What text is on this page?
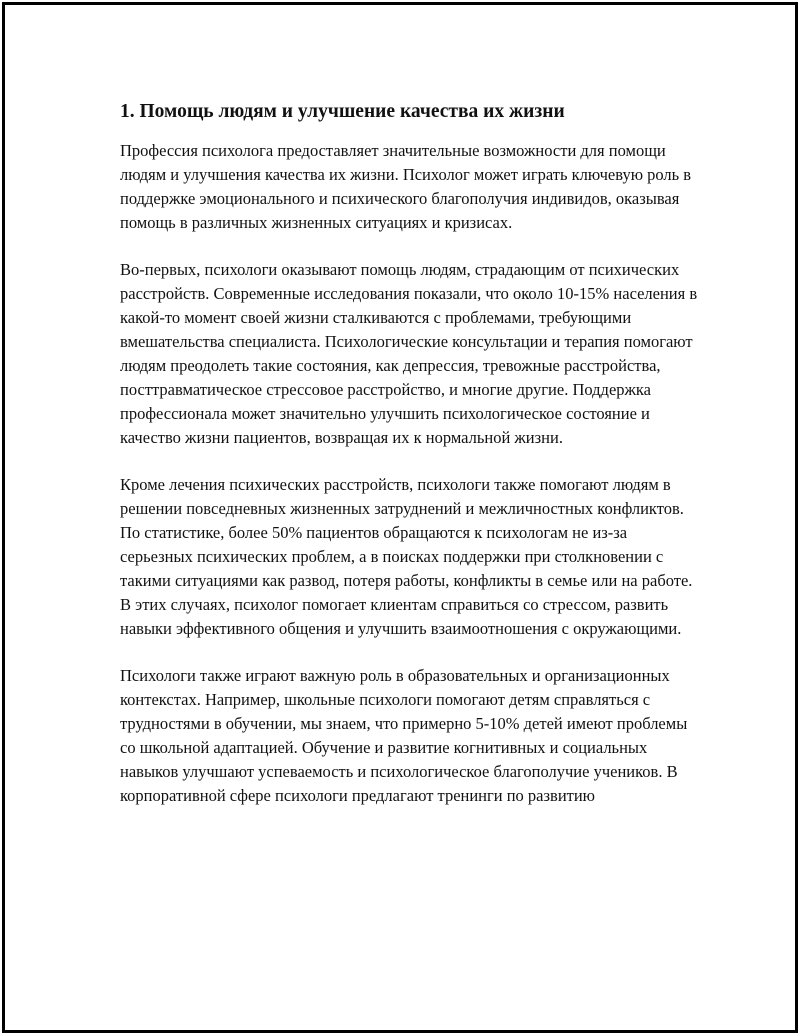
1. Помощь людям и улучшение качества их жизни

Профессия психолога предоставляет значительные возможности для помощи людям и улучшения качества их жизни. Психолог может играть ключевую роль в поддержке эмоционального и психического благополучия индивидов, оказывая помощь в различных жизненных ситуациях и кризисах.

Во-первых, психологи оказывают помощь людям, страдающим от психических расстройств. Современные исследования показали, что около 10-15% населения в какой-то момент своей жизни сталкиваются с проблемами, требующими вмешательства специалиста. Психологические консультации и терапия помогают людям преодолеть такие состояния, как депрессия, тревожные расстройства, посттравматическое стрессовое расстройство, и многие другие. Поддержка профессионала может значительно улучшить психологическое состояние и качество жизни пациентов, возвращая их к нормальной жизни.

Кроме лечения психических расстройств, психологи также помогают людям в решении повседневных жизненных затруднений и межличностных конфликтов. По статистике, более 50% пациентов обращаются к психологам не из-за серьезных психических проблем, а в поисках поддержки при столкновении с такими ситуациями как развод, потеря работы, конфликты в семье или на работе. В этих случаях, психолог помогает клиентам справиться со стрессом, развить навыки эффективного общения и улучшить взаимоотношения с окружающими.

Психологи также играют важную роль в образовательных и организационных контекстах. Например, школьные психологи помогают детям справляться с трудностями в обучении, мы знаем, что примерно 5-10% детей имеют проблемы со школьной адаптацией. Обучение и развитие когнитивных и социальных навыков улучшают успеваемость и психологическое благополучие учеников. В корпоративной сфере психологи предлагают тренинги по развитию
